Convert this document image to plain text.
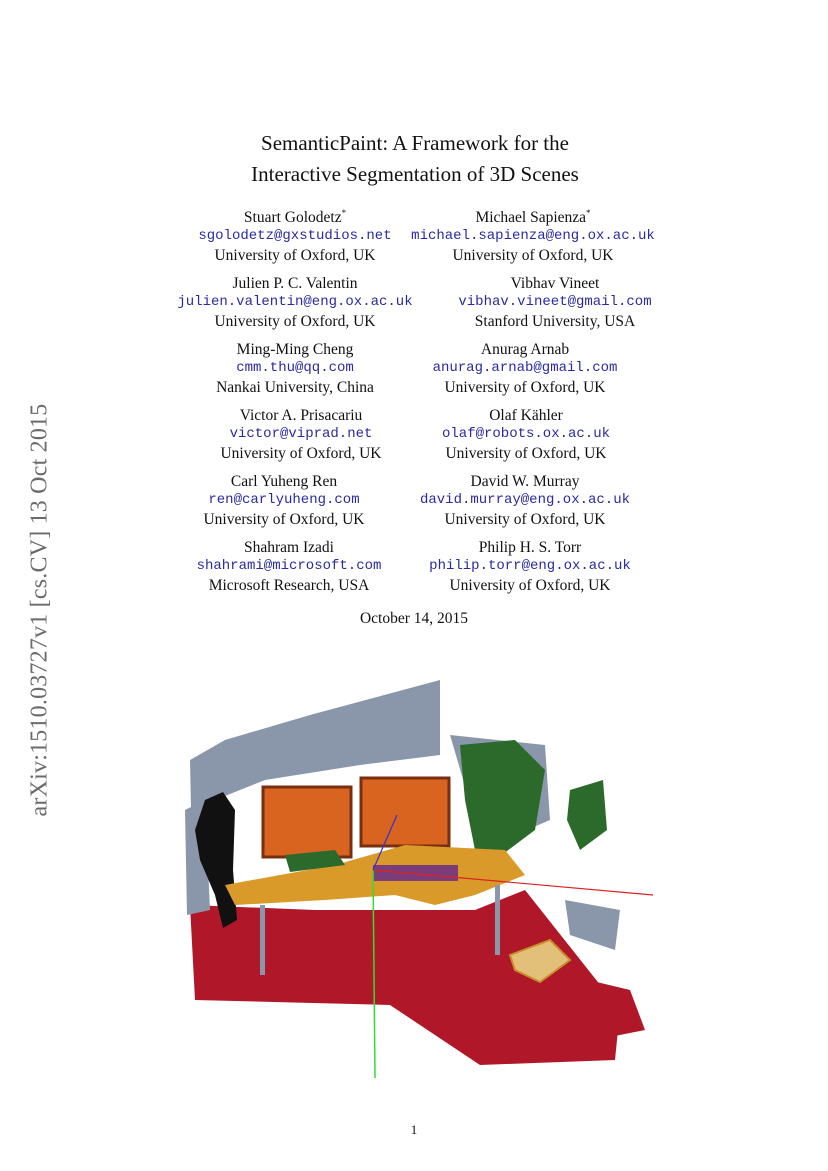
arXiv:1510.03727v1 [cs.CV] 13 Oct 2015
SemanticPaint: A Framework for the
Interactive Segmentation of 3D Scenes
Stuart Golodetz*
sgolodetz@gxstudios.net
University of Oxford, UK
Michael Sapienza*
michael.sapienza@eng.ox.ac.uk
University of Oxford, UK
Julien P. C. Valentin
julien.valentin@eng.ox.ac.uk
University of Oxford, UK
Vibhav Vineet
vibhav.vineet@gmail.com
Stanford University, USA
Ming-Ming Cheng
cmm.thu@qq.com
Nankai University, China
Anurag Arnab
anurag.arnab@gmail.com
University of Oxford, UK
Victor A. Prisacariu
victor@viprad.net
University of Oxford, UK
Olaf Kähler
olaf@robots.ox.ac.uk
University of Oxford, UK
Carl Yuheng Ren
ren@carlyuheng.com
University of Oxford, UK
David W. Murray
david.murray@eng.ox.ac.uk
University of Oxford, UK
Shahram Izadi
shahrami@microsoft.com
Microsoft Research, USA
Philip H. S. Torr
philip.torr@eng.ox.ac.uk
University of Oxford, UK
October 14, 2015
1
